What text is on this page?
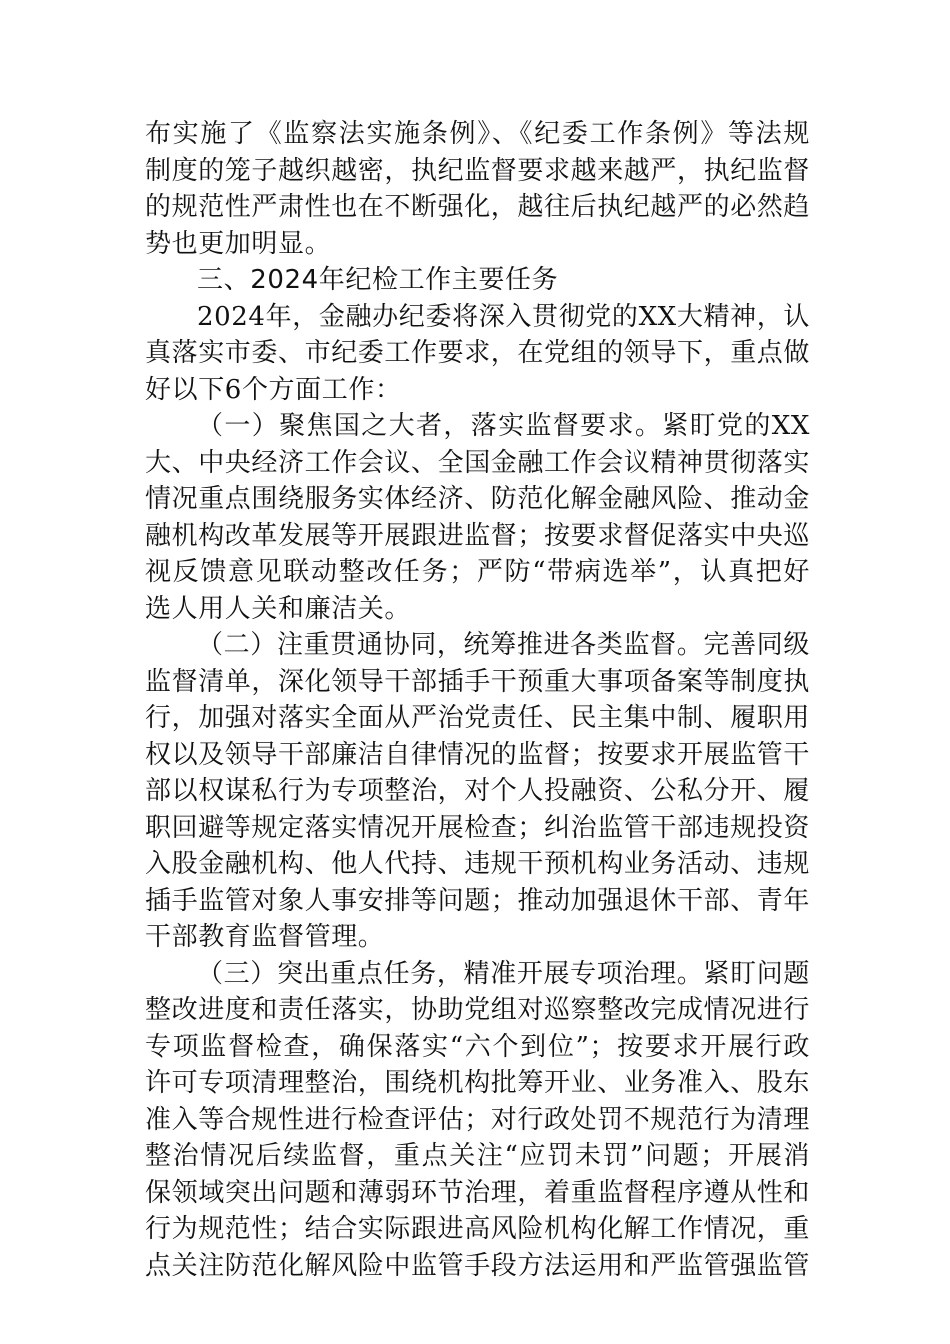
布实施了《监察法实施条例》、《纪委工作条例》等法规制度的笼子越织越密，执纪监督要求越来越严，执纪监督的规范性严肃性也在不断强化，越往后执纪越严的必然趋势也更加明显。

三、2024年纪检工作主要任务

2024年，金融办纪委将深入贯彻党的XX大精神，认真落实市委、市纪委工作要求，在党组的领导下，重点做好以下6个方面工作：

（一）聚焦国之大者，落实监督要求。紧盯党的XX大、中央经济工作会议、全国金融工作会议精神贯彻落实情况重点围绕服务实体经济、防范化解金融风险、推动金融机构改革发展等开展跟进监督；按要求督促落实中央巡视反馈意见联动整改任务；严防“带病选举”，认真把好选人用人关和廉洁关。

（二）注重贯通协同，统筹推进各类监督。完善同级监督清单，深化领导干部插手干预重大事项备案等制度执行，加强对落实全面从严治党责任、民主集中制、履职用权以及领导干部廉洁自律情况的监督；按要求开展监管干部以权谋私行为专项整治，对个人投融资、公私分开、履职回避等规定落实情况开展检查；纠治监管干部违规投资入股金融机构、他人代持、违规干预机构业务活动、违规插手监管对象人事安排等问题；推动加强退休干部、青年干部教育监督管理。

（三）突出重点任务，精准开展专项治理。紧盯问题整改进度和责任落实，协助党组对巡察整改完成情况进行专项监督检查，确保落实“六个到位”；按要求开展行政许可专项清理整治，围绕机构批筹开业、业务准入、股东准入等合规性进行检查评估；对行政处罚不规范行为清理整治情况后续监督，重点关注“应罚未罚”问题；开展消保领域突出问题和薄弱环节治理，着重监督程序遵从性和行为规范性；结合实际跟进高风险机构化解工作情况，重点关注防范化解风险中监管手段方法运用和严监管强监管
